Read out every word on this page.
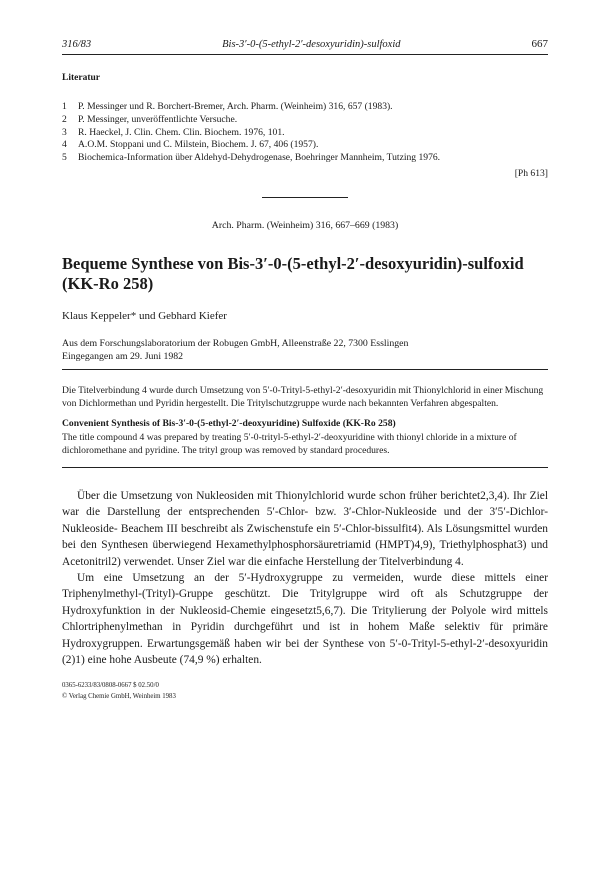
316/83	Bis-3′-0-(5-ethyl-2′-desoxyuridin)-sulfoxid	667
Literatur
1	P. Messinger und R. Borchert-Bremer, Arch. Pharm. (Weinheim) 316, 657 (1983).
2	P. Messinger, unveröffentlichte Versuche.
3	R. Haeckel, J. Clin. Chem. Clin. Biochem. 1976, 101.
4	A.O.M. Stoppani und C. Milstein, Biochem. J. 67, 406 (1957).
5	Biochemica-Information über Aldehyd-Dehydrogenase, Boehringer Mannheim, Tutzing 1976.
[Ph 613]
Arch. Pharm. (Weinheim) 316, 667–669 (1983)
Bequeme Synthese von Bis-3′-0-(5-ethyl-2′-desoxyuridin)-sulfoxid
(KK-Ro 258)
Klaus Keppeler* und Gebhard Kiefer
Aus dem Forschungslaboratorium der Robugen GmbH, Alleenstraße 22, 7300 Esslingen
Eingegangen am 29. Juni 1982
Die Titelverbindung 4 wurde durch Umsetzung von 5′-0-Trityl-5-ethyl-2′-desoxyuridin mit Thionylchlorid in einer Mischung von Dichlormethan und Pyridin hergestellt. Die Tritylschutzgruppe wurde nach bekannten Verfahren abgespalten.
Convenient Synthesis of Bis-3′-0-(5-ethyl-2′-deoxyuridine) Sulfoxide (KK-Ro 258)
The title compound 4 was prepared by treating 5′-0-trityl-5-ethyl-2′-deoxyuridine with thionyl chloride in a mixture of dichloromethane and pyridine. The trityl group was removed by standard procedures.

Über die Umsetzung von Nukleosiden mit Thionylchlorid wurde schon früher berichtet2,3,4). Ihr Ziel war die Darstellung der entsprechenden 5′-Chlor- bzw. 3′-Chlor-Nukleoside und der 3′5′-Dichlor-Nukleoside- Beachem III beschreibt als Zwischenstufe ein 5′-Chlor-bissulfit4). Als Lösungsmittel wurden bei den Synthesen überwiegend Hexamethylphosphorsäuretriamid (HMPT)4,9), Triethylphosphat3) und Acetonitril2) verwendet. Unser Ziel war die einfache Herstellung der Titelverbindung 4.

Um eine Umsetzung an der 5′-Hydroxygruppe zu vermeiden, wurde diese mittels einer Triphenylmethyl-(Trityl)-Gruppe geschützt. Die Tritylgruppe wird oft als Schutzgruppe der Hydroxyfunktion in der Nukleosid-Chemie eingesetzt5,6,7). Die Tritylierung der Polyole wird mittels Chlortriphenylmethan in Pyridin durchgeführt und ist in hohem Maße selektiv für primäre Hydroxygruppen. Erwartungsgemäß haben wir bei der Synthese von 5′-0-Trityl-5-ethyl-2′-desoxyuridin (2)1) eine hohe Ausbeute (74,9 %) erhalten.

0365-6233/83/0808-0667 $ 02.50/0
© Verlag Chemie GmbH, Weinheim 1983
